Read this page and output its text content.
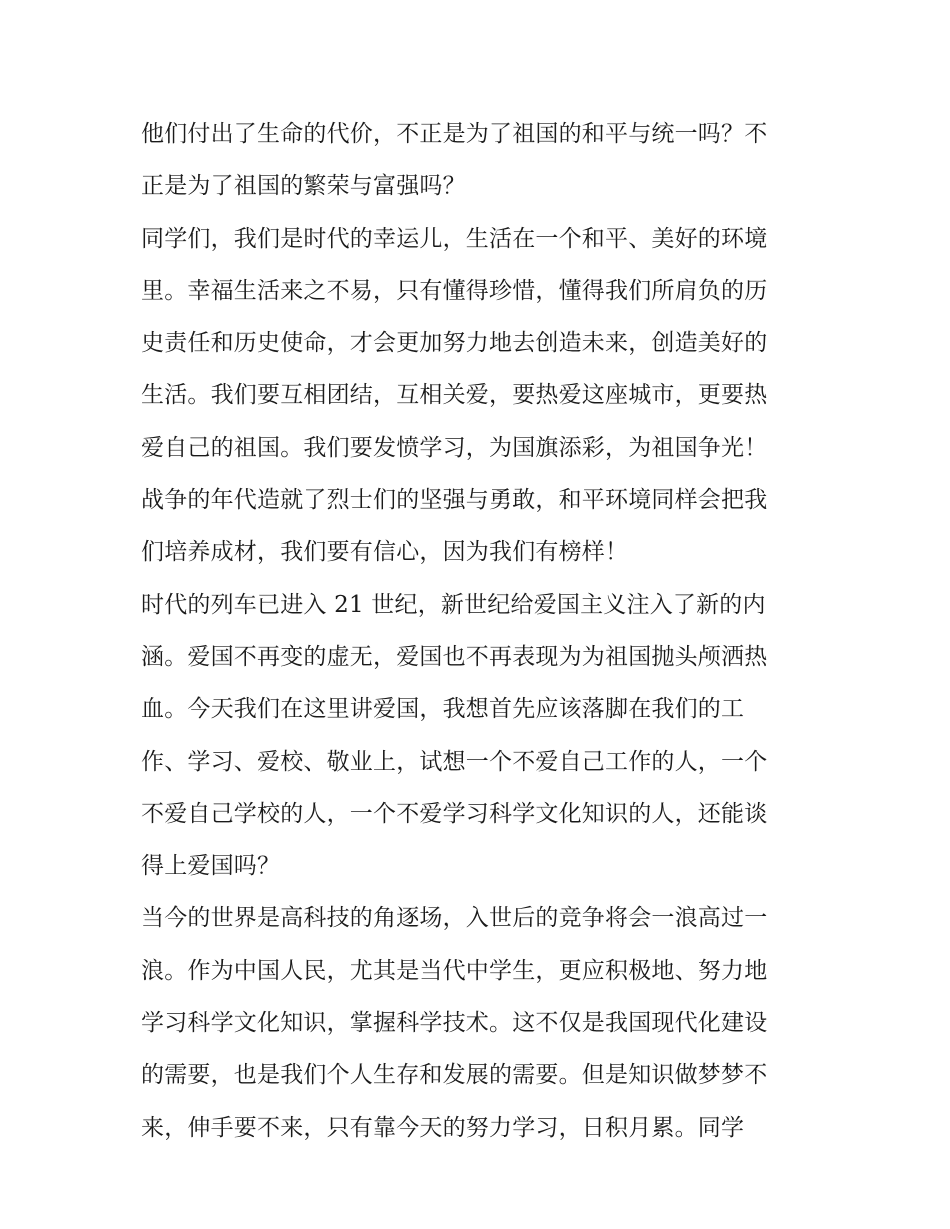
他们付出了生命的代价，不正是为了祖国的和平与统一吗？不
正是为了祖国的繁荣与富强吗？
同学们，我们是时代的幸运儿，生活在一个和平、美好的环境
里。幸福生活来之不易，只有懂得珍惜，懂得我们所肩负的历
史责任和历史使命，才会更加努力地去创造未来，创造美好的
生活。我们要互相团结，互相关爱，要热爱这座城市，更要热
爱自己的祖国。我们要发愤学习，为国旗添彩，为祖国争光！
战争的年代造就了烈士们的坚强与勇敢，和平环境同样会把我
们培养成材，我们要有信心，因为我们有榜样！
时代的列车已进入 21 世纪，新世纪给爱国主义注入了新的内
涵。爱国不再变的虚无，爱国也不再表现为为祖国抛头颅洒热
血。今天我们在这里讲爱国，我想首先应该落脚在我们的工
作、学习、爱校、敬业上，试想一个不爱自己工作的人，一个
不爱自己学校的人，一个不爱学习科学文化知识的人，还能谈
得上爱国吗？
当今的世界是高科技的角逐场，入世后的竞争将会一浪高过一
浪。作为中国人民，尤其是当代中学生，更应积极地、努力地
学习科学文化知识，掌握科学技术。这不仅是我国现代化建设
的需要，也是我们个人生存和发展的需要。但是知识做梦梦不
来，伸手要不来，只有靠今天的努力学习，日积月累。同学
